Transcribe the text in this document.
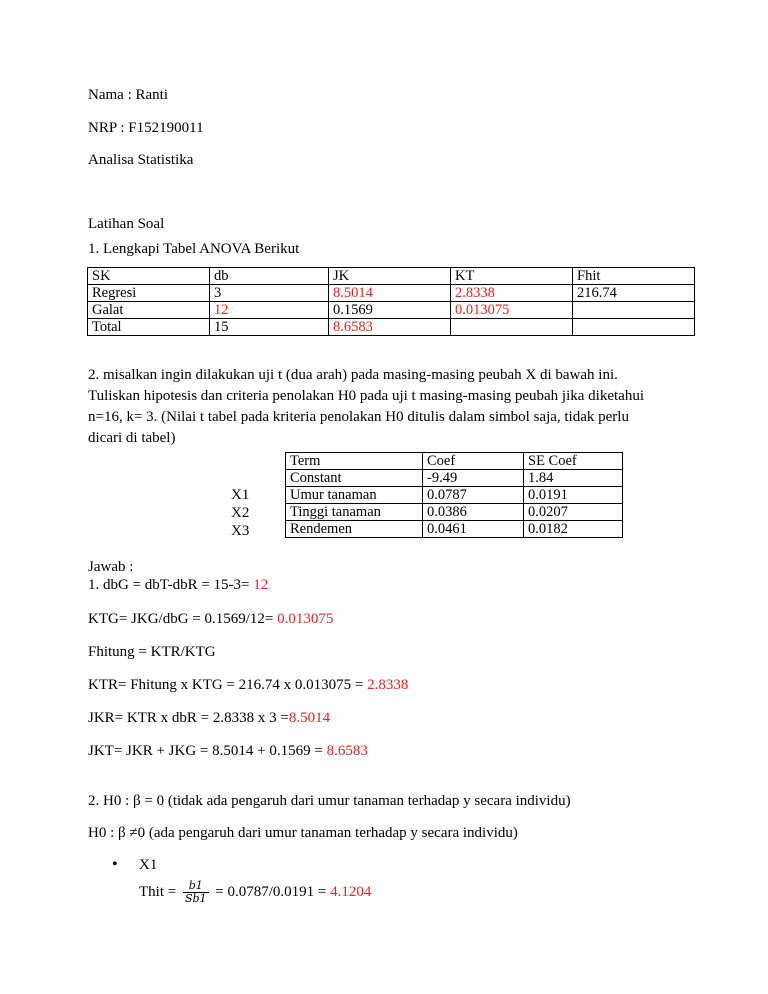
Nama : Ranti
NRP : F152190011
Analisa Statistika
Latihan Soal
1. Lengkapi Tabel ANOVA Berikut
SK	db	JK	KT	Fhit
Regresi	3	8.5014	2.8338	216.74
Galat	12	0.1569	0.013075	
Total	15	8.6583		
2. misalkan ingin dilakukan uji t (dua arah) pada masing-masing peubah X di bawah ini.
Tuliskan hipotesis dan criteria penolakan H0 pada uji t masing-masing peubah jika diketahui
n=16, k= 3. (Nilai t tabel pada kriteria penolakan H0 ditulis dalam simbol saja, tidak perlu
dicari di tabel)
X1
X2
X3
Term	Coef	SE Coef
Constant	-9.49	1.84
Umur tanaman	0.0787	0.0191
Tinggi tanaman	0.0386	0.0207
Rendemen	0.0461	0.0182
Jawab :
1. dbG = dbT-dbR = 15-3= 12
KTG= JKG/dbG = 0.1569/12= 0.013075
Fhitung = KTR/KTG
KTR= Fhitung x KTG = 216.74 x 0.013075 = 2.8338
JKR= KTR x dbR = 2.8338 x 3 =8.5014
JKT= JKR + JKG = 8.5014 + 0.1569 = 8.6583
2. H0 : β = 0 (tidak ada pengaruh dari umur tanaman terhadap y secara individu)
H0 : β ≠0 (ada pengaruh dari umur tanaman terhadap y secara individu)
• X1
Thit = $\frac{b1}{Sb1} = 0.0787/0.0191 = 4.1204$
